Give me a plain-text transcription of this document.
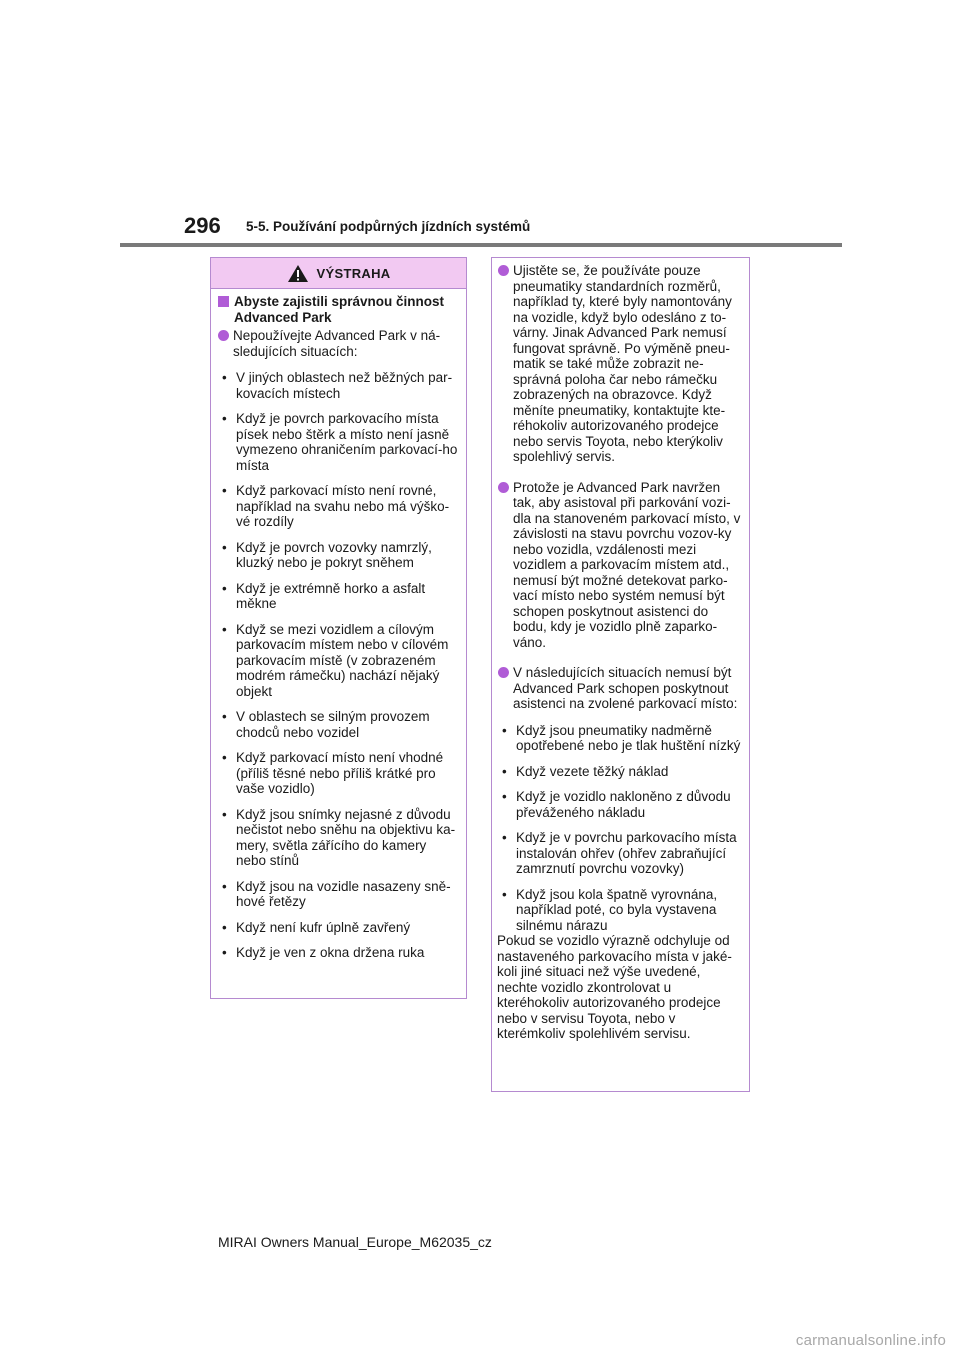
296 5-5. Používání podpůrných jízdních systémů
VÝSTRAHA
Abyste zajistili správnou činnost Advanced Park
Nepoužívejte Advanced Park v ná-sledujících situacích:
• V jiných oblastech než běžných par-kovacích místech
• Když je povrch parkovacího místa písek nebo štěrk a místo není jasně vymezeno ohraničením parkovací-ho místa
• Když parkovací místo není rovné, například na svahu nebo má výško-vé rozdíly
• Když je povrch vozovky namrzlý, kluzký nebo je pokryt sněhem
• Když je extrémně horko a asfalt měkne
• Když se mezi vozidlem a cílovým parkovacím místem nebo v cílovém parkovacím místě (v zobrazeném modrém rámečku) nachází nějaký objekt
• V oblastech se silným provozem chodců nebo vozidel
• Když parkovací místo není vhodné (příliš těsné nebo příliš krátké pro vaše vozidlo)
• Když jsou snímky nejasné z důvodu nečistot nebo sněhu na objektivu ka-mery, světla zářícího do kamery nebo stínů
• Když jsou na vozidle nasazeny sně-hové řetězy
• Když není kufr úplně zavřený
• Když je ven z okna držena ruka
Ujistěte se, že používáte pouze pneumatiky standardních rozměrů, například ty, které byly namontovány na vozidle, když bylo odesláno z to-várny. Jinak Advanced Park nemusí fungovat správně. Po výměně pneu-matik se také může zobrazit ne-správná poloha čar nebo rámečku zobrazených na obrazovce. Když měníte pneumatiky, kontaktujte kte-réhokoliv autorizovaného prodejce nebo servis Toyota, nebo kterýkoliv spolehlivý servis.
Protože je Advanced Park navržen tak, aby asistoval při parkování vozi-dla na stanoveném parkovací místo, v závislosti na stavu povrchu vozov-ky nebo vozidla, vzdálenosti mezi vozidlem a parkovacím místem atd., nemusí být možné detekovat parko-vací místo nebo systém nemusí být schopen poskytnout asistenci do bodu, kdy je vozidlo plně zaparko-váno.
V následujících situacích nemusí být Advanced Park schopen poskytnout asistenci na zvolené parkovací místo:
• Když jsou pneumatiky nadměrně opotřebené nebo je tlak huštění nízký
• Když vezete těžký náklad
• Když je vozidlo nakloněno z důvodu převáženého nákladu
• Když je v povrchu parkovacího místa instalován ohřev (ohřev zabraňující zamrznutí povrchu vozovky)
• Když jsou kola špatně vyrovnána, například poté, co byla vystavena silnému nárazu
Pokud se vozidlo výrazně odchyluje od nastaveného parkovacího místa v jaké-koli jiné situaci než výše uvedené, nechte vozidlo zkontrolovat u kteréhokoliv autorizovaného prodejce nebo v servisu Toyota, nebo v kterémkoliv spolehlivém servisu.
MIRAI Owners Manual_Europe_M62035_cz
carmanualsonline.info
